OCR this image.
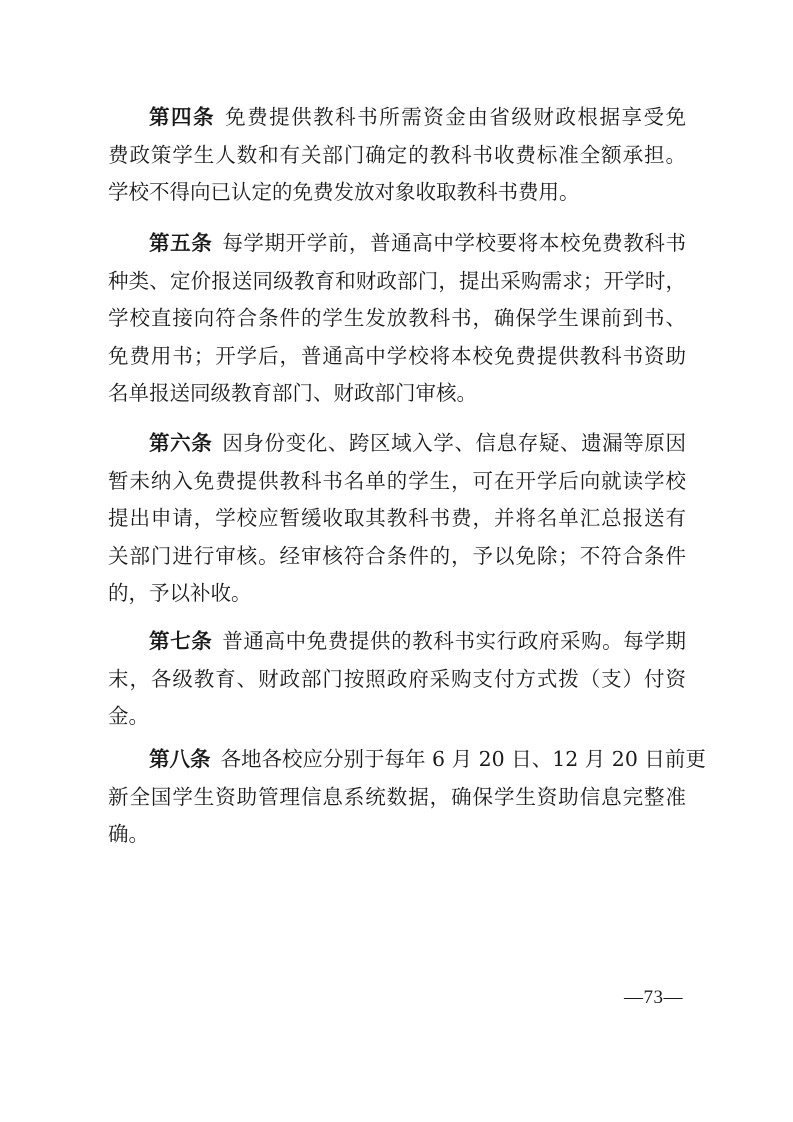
第四条 免费提供教科书所需资金由省级财政根据享受免
费政策学生人数和有关部门确定的教科书收费标准全额承担。
学校不得向已认定的免费发放对象收取教科书费用。
第五条 每学期开学前，普通高中学校要将本校免费教科书
种类、定价报送同级教育和财政部门，提出采购需求；开学时，
学校直接向符合条件的学生发放教科书，确保学生课前到书、
免费用书；开学后，普通高中学校将本校免费提供教科书资助
名单报送同级教育部门、财政部门审核。
第六条 因身份变化、跨区域入学、信息存疑、遗漏等原因
暂未纳入免费提供教科书名单的学生，可在开学后向就读学校
提出申请，学校应暂缓收取其教科书费，并将名单汇总报送有
关部门进行审核。经审核符合条件的，予以免除；不符合条件
的，予以补收。
第七条 普通高中免费提供的教科书实行政府采购。每学期
末，各级教育、财政部门按照政府采购支付方式拨（支）付资
金。
第八条 各地各校应分别于每年 6 月 20 日、12 月 20 日前更
新全国学生资助管理信息系统数据，确保学生资助信息完整准
确。
—73—
